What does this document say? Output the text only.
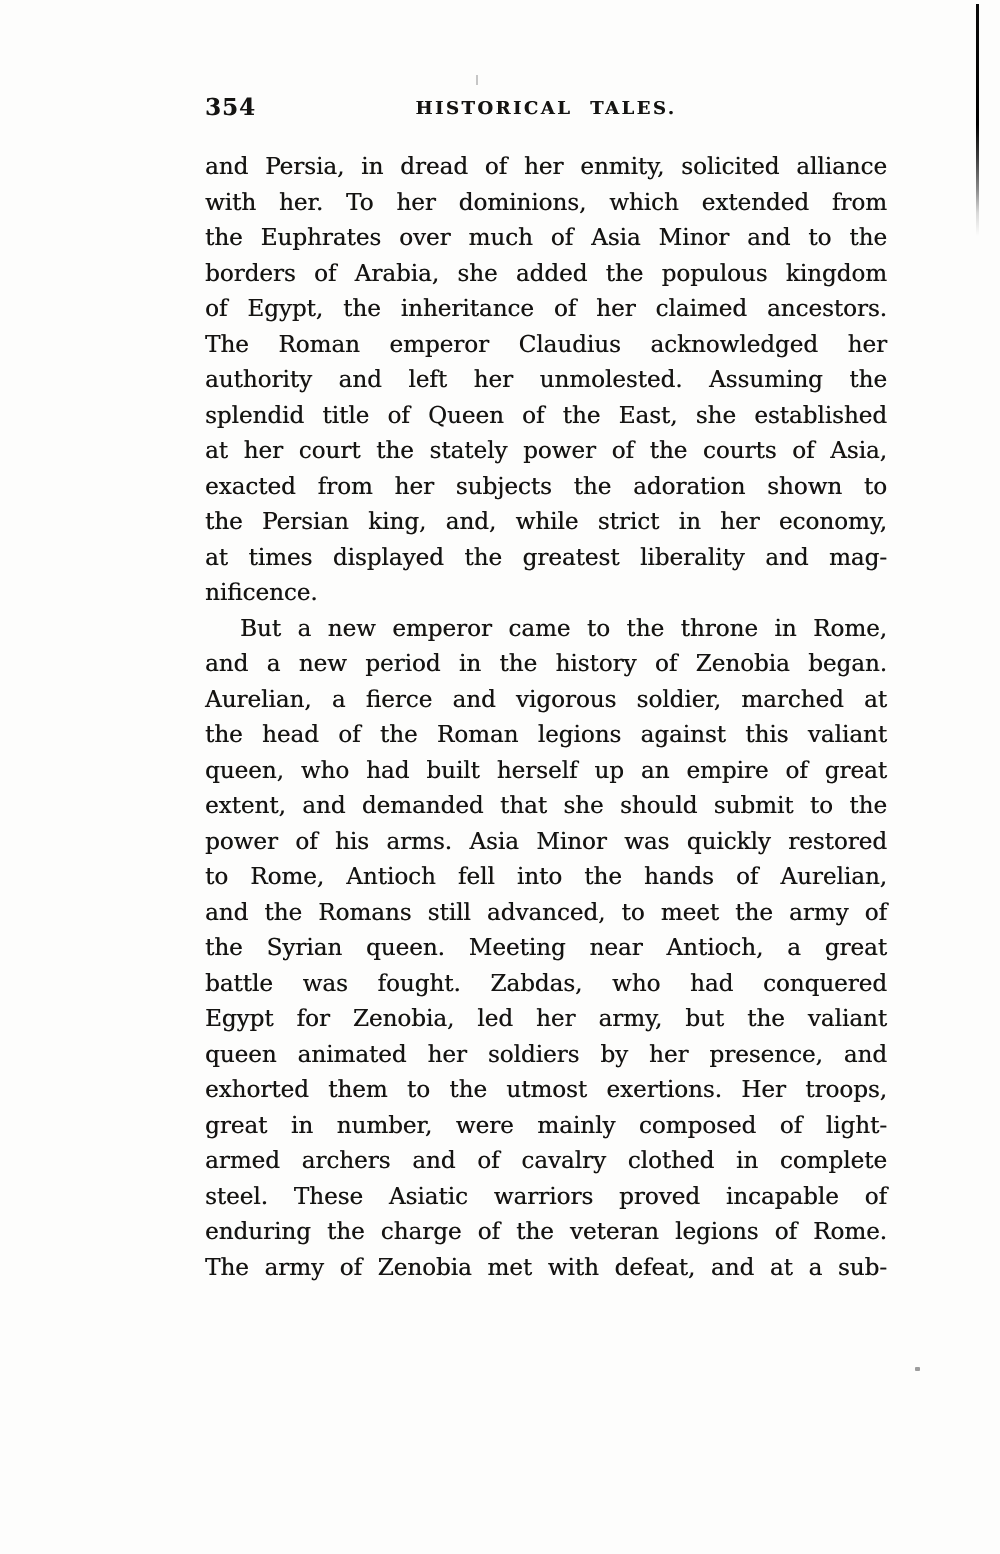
354	HISTORICAL TALES.
and Persia, in dread of her enmity, solicited alliance
with her. To her dominions, which extended from
the Euphrates over much of Asia Minor and to the
borders of Arabia, she added the populous kingdom
of Egypt, the inheritance of her claimed ancestors.
The Roman emperor Claudius acknowledged her
authority and left her unmolested. Assuming the
splendid title of Queen of the East, she established
at her court the stately power of the courts of Asia,
exacted from her subjects the adoration shown to
the Persian king, and, while strict in her economy,
at times displayed the greatest liberality and mag-
nificence.
But a new emperor came to the throne in Rome,
and a new period in the history of Zenobia began.
Aurelian, a fierce and vigorous soldier, marched at
the head of the Roman legions against this valiant
queen, who had built herself up an empire of great
extent, and demanded that she should submit to the
power of his arms. Asia Minor was quickly restored
to Rome, Antioch fell into the hands of Aurelian,
and the Romans still advanced, to meet the army of
the Syrian queen. Meeting near Antioch, a great
battle was fought. Zabdas, who had conquered
Egypt for Zenobia, led her army, but the valiant
queen animated her soldiers by her presence, and
exhorted them to the utmost exertions. Her troops,
great in number, were mainly composed of light-
armed archers and of cavalry clothed in complete
steel. These Asiatic warriors proved incapable of
enduring the charge of the veteran legions of Rome.
The army of Zenobia met with defeat, and at a sub-
